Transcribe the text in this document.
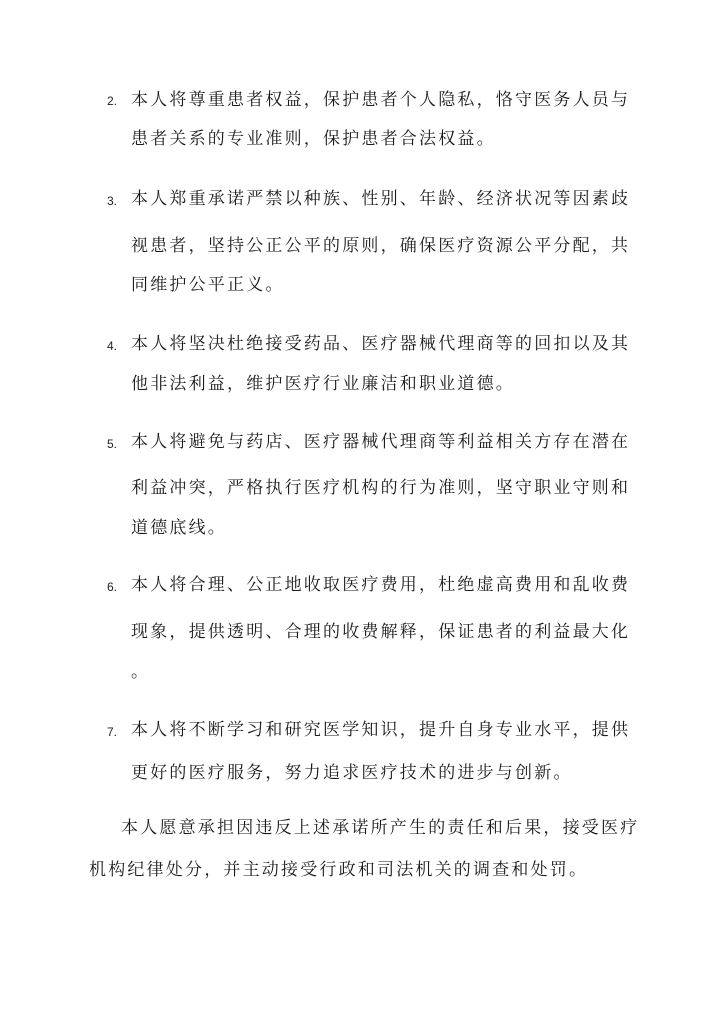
2. 本人将尊重患者权益，保护患者个人隐私，恪守医务人员与
患者关系的专业准则，保护患者合法权益。
3. 本人郑重承诺严禁以种族、性别、年龄、经济状况等因素歧
视患者，坚持公正公平的原则，确保医疗资源公平分配，共
同维护公平正义。
4. 本人将坚决杜绝接受药品、医疗器械代理商等的回扣以及其
他非法利益，维护医疗行业廉洁和职业道德。
5. 本人将避免与药店、医疗器械代理商等利益相关方存在潜在
利益冲突，严格执行医疗机构的行为准则，坚守职业守则和
道德底线。
6. 本人将合理、公正地收取医疗费用，杜绝虚高费用和乱收费
现象，提供透明、合理的收费解释，保证患者的利益最大化
。
7. 本人将不断学习和研究医学知识，提升自身专业水平，提供
更好的医疗服务，努力追求医疗技术的进步与创新。
本人愿意承担因违反上述承诺所产生的责任和后果，接受医疗
机构纪律处分，并主动接受行政和司法机关的调查和处罚。
